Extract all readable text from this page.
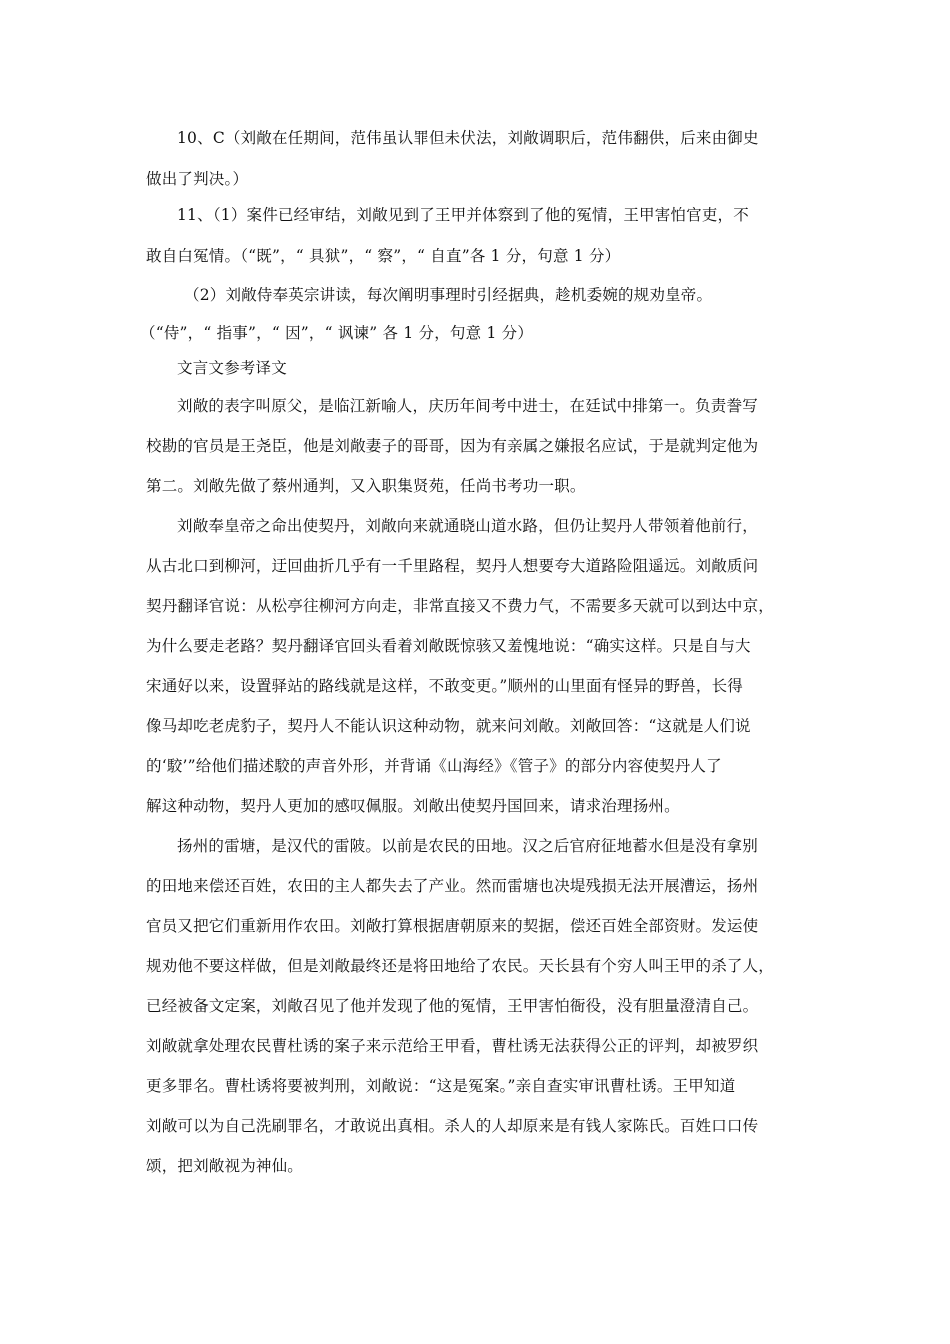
10、C（刘敞在任期间，范伟虽认罪但未伏法，刘敞调职后，范伟翻供，后来由御史
做出了判决。）
11、（1）案件已经审结，刘敞见到了王甲并体察到了他的冤情，王甲害怕官吏，不
敢自白冤情。（“既”，“ 具狱”，“ 察”，“ 自直”各 1 分，句意 1 分）
（2）刘敞侍奉英宗讲读，每次阐明事理时引经据典，趁机委婉的规劝皇帝。
（“侍”，“ 指事”，“ 因”，“ 讽谏” 各 1 分，句意 1 分）
文言文参考译文
刘敞的表字叫原父，是临江新喻人，庆历年间考中进士，在廷试中排第一。负责誊写
校勘的官员是王尧臣，他是刘敞妻子的哥哥，因为有亲属之嫌报名应试，于是就判定他为
第二。刘敞先做了蔡州通判，又入职集贤苑，任尚书考功一职。
刘敞奉皇帝之命出使契丹，刘敞向来就通晓山道水路，但仍让契丹人带领着他前行，
从古北口到柳河，迂回曲折几乎有一千里路程，契丹人想要夸大道路险阻遥远。刘敞质问
契丹翻译官说：从松亭往柳河方向走，非常直接又不费力气，不需要多天就可以到达中京，
为什么要走老路？契丹翻译官回头看着刘敞既惊骇又羞愧地说：“确实这样。只是自与大
宋通好以来，设置驿站的路线就是这样，不敢变更。”顺州的山里面有怪异的野兽，长得
像马却吃老虎豹子，契丹人不能认识这种动物，就来问刘敞。刘敞回答：“这就是人们说
的‘駮’”给他们描述駮的声音外形，并背诵《山海经》《管子》的部分内容使契丹人了
解这种动物，契丹人更加的感叹佩服。刘敞出使契丹国回来，请求治理扬州。
扬州的雷塘，是汉代的雷陂。以前是农民的田地。汉之后官府征地蓄水但是没有拿别
的田地来偿还百姓，农田的主人都失去了产业。然而雷塘也决堤残损无法开展漕运，扬州
官员又把它们重新用作农田。刘敞打算根据唐朝原来的契据，偿还百姓全部资财。发运使
规劝他不要这样做，但是刘敞最终还是将田地给了农民。天长县有个穷人叫王甲的杀了人，
已经被备文定案，刘敞召见了他并发现了他的冤情，王甲害怕衙役，没有胆量澄清自己。
刘敞就拿处理农民曹杜诱的案子来示范给王甲看，曹杜诱无法获得公正的评判，却被罗织
更多罪名。曹杜诱将要被判刑，刘敞说：“这是冤案。”亲自查实审讯曹杜诱。王甲知道
刘敞可以为自己洗刷罪名，才敢说出真相。杀人的人却原来是有钱人家陈氏。百姓口口传
颂，把刘敞视为神仙。
